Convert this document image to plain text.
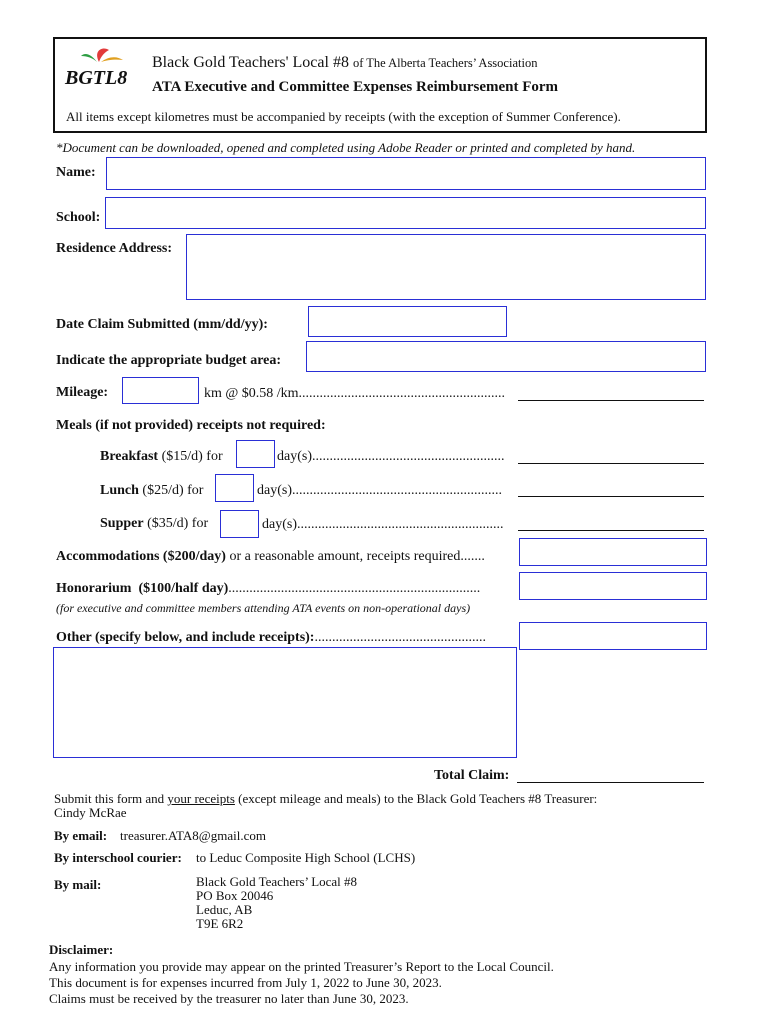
BGTL8
Black Gold Teachers' Local #8 of The Alberta Teachers’ Association
ATA Executive and Committee Expenses Reimbursement Form
All items except kilometres must be accompanied by receipts (with the exception of Summer Conference).
*Document can be downloaded, opened and completed using Adobe Reader or printed and completed by hand.
Name:
School:
Residence Address:
Date Claim Submitted (mm/dd/yy):
Indicate the appropriate budget area:
Mileage:	km @ $0.58 /km...........................................................
Meals (if not provided) receipts not required:
Breakfast ($15/d) for	day(s).......................................................
Lunch ($25/d) for	day(s)............................................................
Supper ($35/d) for	day(s)...........................................................
Accommodations ($200/day) or a reasonable amount, receipts required.......
Honorarium ($100/half day)........................................................................
(for executive and committee members attending ATA events on non-operational days)
Other (specify below, and include receipts):.................................................
Total Claim:
Submit this form and your receipts (except mileage and meals) to the Black Gold Teachers #8 Treasurer:
Cindy McRae
By email: treasurer.ATA8@gmail.com
By interschool courier: to Leduc Composite High School (LCHS)
By mail:	Black Gold Teachers’ Local #8
PO Box 20046
Leduc, AB
T9E 6R2
Disclaimer:
Any information you provide may appear on the printed Treasurer’s Report to the Local Council.
This document is for expenses incurred from July 1, 2022 to June 30, 2023.
Claims must be received by the treasurer no later than June 30, 2023.
